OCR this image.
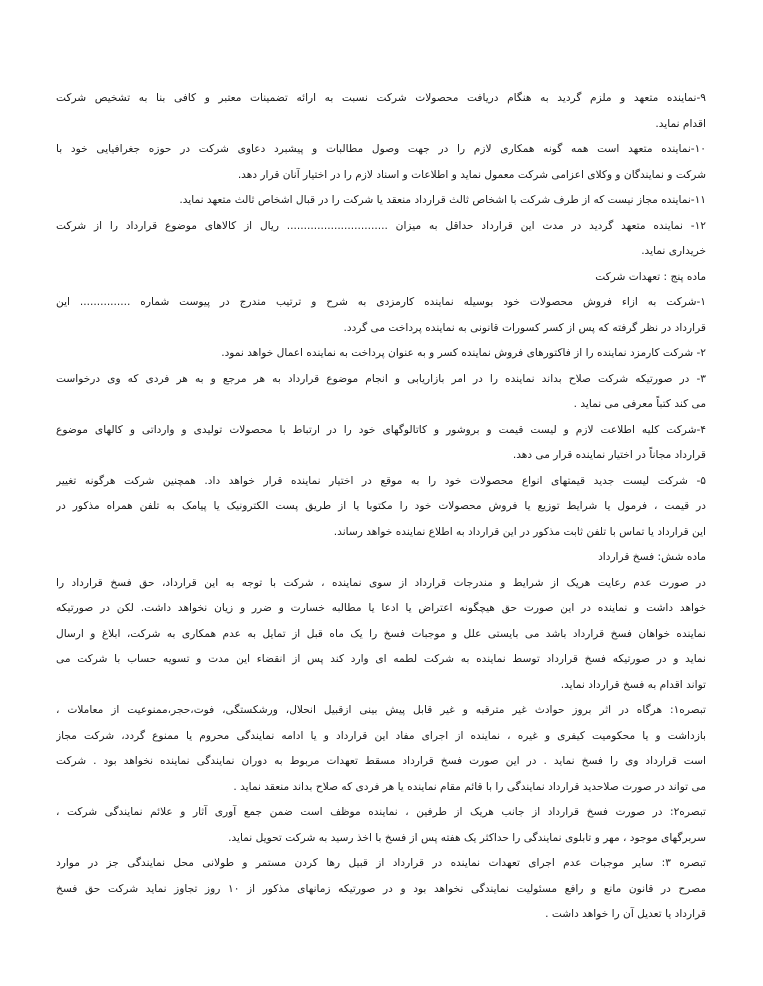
۹-نماینده متعهد و ملزم گردید به هنگام دریافت محصولات شرکت نسبت به ارائه تضمینات معتبر و کافی بنا به تشخیص شرکت
اقدام نماید.
۱۰-نماینده متعهد است همه گونه همکاری لازم را در جهت وصول مطالبات و پیشبرد دعاوی شرکت در حوزه جغرافیایی خود با
شرکت و نمایندگان و وکلای اعزامی شرکت معمول نماید و اطلاعات و اسناد لازم را در اختیار آنان قرار دهد.
۱۱-نماینده مجاز نیست که از طرف شرکت با اشخاص ثالث قرارداد منعقد یا شرکت را در قبال اشخاص ثالث متعهد نماید.
۱۲- نماینده متعهد گردید در مدت این قرارداد حداقل به میزان .............................. ریال از کالاهای موضوع قرارداد را از شرکت
خریداری نماید.
ماده پنج : تعهدات شرکت
۱-شرکت به ازاء فروش محصولات خود بوسیله نماینده کارمزدی به شرح و ترتیب مندرج در پیوست شماره ............... این
قرارداد در نظر گرفته که پس از کسر کسورات قانونی به نماینده پرداخت می گردد.
۲- شرکت کارمزد نماینده را از فاکتورهای فروش نماینده کسر و به عنوان پرداخت به نماینده اعمال خواهد نمود.
۳- در صورتیکه شرکت صلاح بداند نماینده را در امر بازاریابی و انجام موضوع قرارداد به هر مرجع و به هر فردی که وی درخواست
می کند کتباً معرفی می نماید .
۴-شرکت کلیه اطلاعت لازم و لیست قیمت و بروشور و کاتالوگهای خود را در ارتباط با محصولات تولیدی و وارداتی و کالهای موضوع
قرارداد مجاناً در اختیار نماینده قرار می دهد.
۵- شرکت لیست جدید قیمتهای انواع محصولات خود را به موقع در اختیار نماینده قرار خواهد داد. همچنین شرکت هرگونه تغییر
در قیمت ، فرمول یا شرایط توزیع یا فروش محصولات خود را مکتوبا یا از طریق پست الکترونیک یا پیامک به تلفن همراه مذکور در
این قرارداد یا تماس با تلفن ثابت مذکور در این قرارداد به اطلاع نماینده خواهد رساند.
ماده شش: فسخ قرارداد
در صورت عدم رعایت هریک از شرایط و مندرجات قرارداد از سوی نماینده ، شرکت با توجه به این قرارداد، حق فسخ قرارداد را
خواهد داشت و نماینده در این صورت حق هیچگونه اعتراض یا ادعا یا مطالبه خسارت و ضرر و زیان نخواهد داشت. لکن در صورتیکه
نماینده خواهان فسخ قرارداد باشد می بایستی علل و موجبات فسخ را یک ماه قبل از تمایل به عدم همکاری به شرکت، ابلاغ و ارسال
نماید و در صورتیکه فسخ قرارداد توسط نماینده به شرکت لطمه ای وارد کند پس از انقضاء این مدت و تسویه حساب با شرکت می
تواند اقدام به فسخ قرارداد نماید.
تبصره۱: هرگاه در اثر بروز حوادث غیر مترقبه و غیر قابل پیش بینی ازقبیل انحلال، ورشکستگی، فوت،حجر،ممنوعیت از معاملات ،
بازداشت و یا محکومیت کیفری و غیره ، نماینده از اجرای مفاد این قرارداد و یا ادامه نمایندگی محروم یا ممنوع گردد، شرکت مجاز
است قرارداد وی را فسخ نماید . در این صورت فسخ قرارداد مسقط تعهدات مربوط به دوران نمایندگی نماینده نخواهد بود . شرکت
می تواند در صورت صلاحدید قرارداد نمایندگی را با قائم مقام نماینده یا هر فردی که صلاح بداند منعقد نماید .
تبصره۲: در صورت فسخ قرارداد از جانب هریک از طرفین ، نماینده موظف است ضمن جمع آوری آثار و علائم نمایندگی شرکت ،
سربرگهای موجود ، مهر و تابلوی نمایندگی را حداکثر یک هفته پس از فسخ با اخذ رسید به شرکت تحویل نماید.
تبصره ۳: سایر موجبات عدم اجرای تعهدات نماینده در قرارداد از قبیل رها کردن مستمر و طولانی محل نمایندگی جز در موارد
مصرح در قانون مانع و رافع مسئولیت نمایندگی نخواهد بود و در صورتیکه زمانهای مذکور از ۱۰ روز تجاوز نماید شرکت حق فسخ
قرارداد یا تعدیل آن را خواهد داشت .
